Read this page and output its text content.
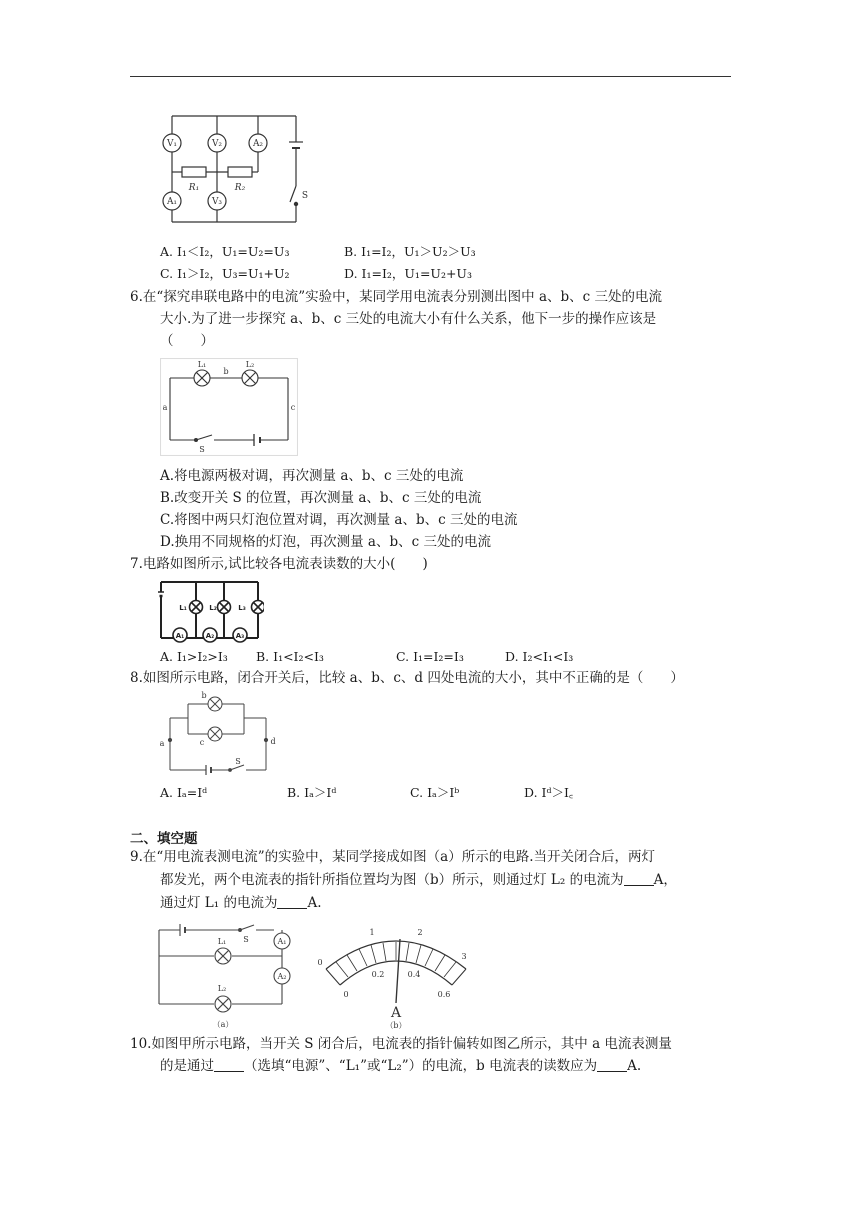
V₁	V₂	A₂
R₁	R₂
A₁	V₃
S
A. I₁＜I₂，U₁=U₂=U₃	B. I₁=I₂，U₁＞U₂＞U₃
C. I₁＞I₂，U₃=U₁+U₂	D. I₁=I₂，U₁=U₂+U₃
6.在“探究串联电路中的电流”实验中，某同学用电流表分别测出图中 a、b、c 三处的电流
大小.为了进一步探究 a、b、c 三处的电流大小有什么关系，他下一步的操作应该是
（　　）
L₁
b
L₂
a	c
S
A.将电源两极对调，再次测量 a、b、c 三处的电流
B.改变开关 S 的位置，再次测量 a、b、c 三处的电流
C.将图中两只灯泡位置对调，再次测量 a、b、c 三处的电流
D.换用不同规格的灯泡，再次测量 a、b、c 三处的电流
7.电路如图所示,试比较各电流表读数的大小(　　)
L₁	L₂	L₃
A₁	A₂	A₃
A. I₁>I₂>I₃ B. I₁<I₂<I₃	C. I₁=I₂=I₃	D. I₂<I₁<I₃
8.如图所示电路，闭合开关后，比较 a、b、c、d 四处电流的大小，其中不正确的是（　　）
b
a	c	d
S
A. Iₐ=Iᵈ	B. Iₐ＞Iᵈ	C. Iₐ＞Iᵇ	D. Iᵈ＞I꜀
二、填空题
9.在“用电流表测电流”的实验中，某同学接成如图（a）所示的电路.当开关闭合后，两灯
都发光，两个电流表的指针所指位置均为图（b）所示，则通过灯 L₂ 的电流为 A，
通过灯 L₁ 的电流为 A.
L₁ S	A₁
L₂
A₂
（a）
0
1	2
3
0
0.2	0.4
0.6
A
（b）
10.如图甲所示电路，当开关 S 闭合后，电流表的指针偏转如图乙所示，其中 a 电流表测量
的是通过 （选填“电源”、“L₁”或“L₂”）的电流，b 电流表的读数应为 A.
